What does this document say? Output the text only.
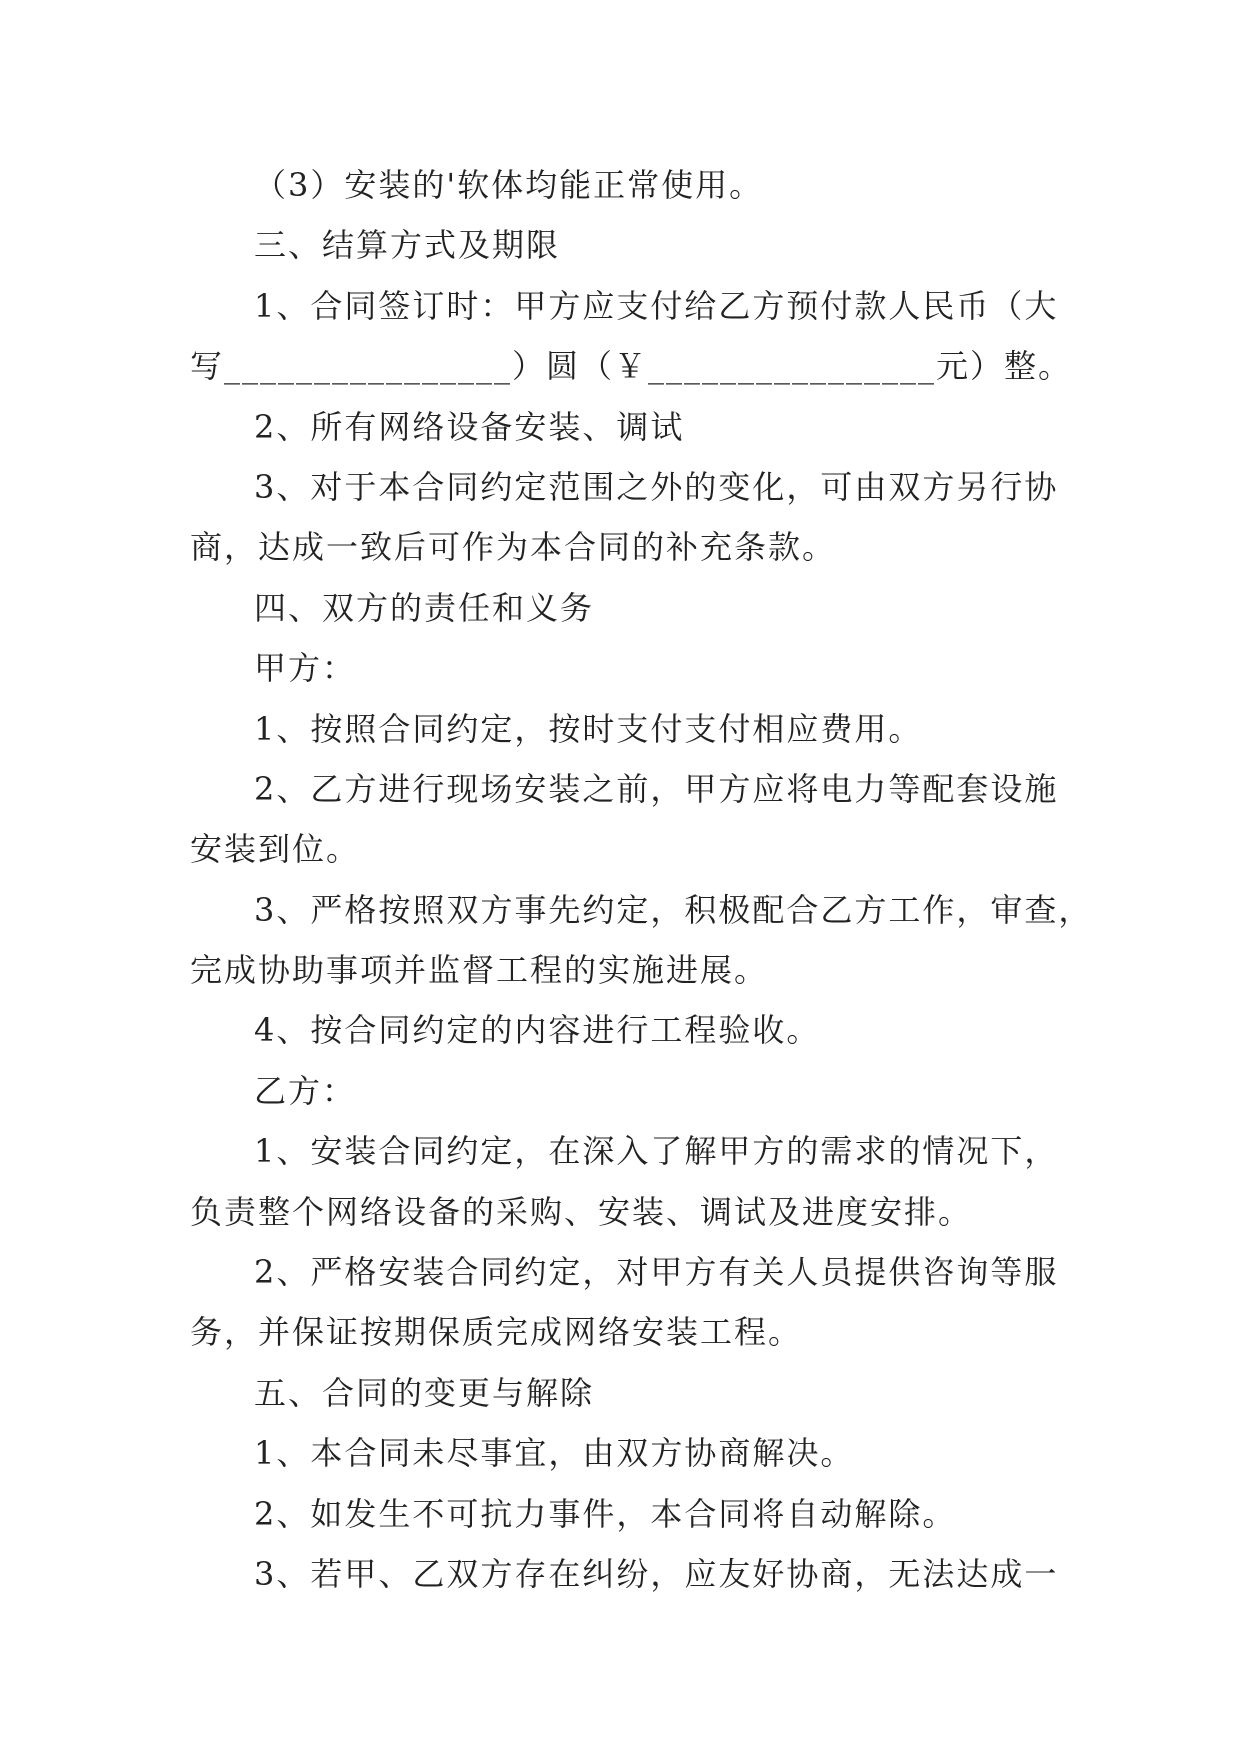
（3）安装的'软体均能正常使用。
三、结算方式及期限
1、合同签订时：甲方应支付给乙方预付款人民币（大
写________________）圆（￥________________元）整。
2、所有网络设备安装、调试
3、对于本合同约定范围之外的变化，可由双方另行协
商，达成一致后可作为本合同的补充条款。
四、双方的责任和义务
甲方：
1、按照合同约定，按时支付支付相应费用。
2、乙方进行现场安装之前，甲方应将电力等配套设施
安装到位。
3、严格按照双方事先约定，积极配合乙方工作，审查，
完成协助事项并监督工程的实施进展。
4、按合同约定的内容进行工程验收。
乙方：
1、安装合同约定，在深入了解甲方的需求的情况下，
负责整个网络设备的采购、安装、调试及进度安排。
2、严格安装合同约定，对甲方有关人员提供咨询等服
务，并保证按期保质完成网络安装工程。
五、合同的变更与解除
1、本合同未尽事宜，由双方协商解决。
2、如发生不可抗力事件，本合同将自动解除。
3、若甲、乙双方存在纠纷，应友好协商，无法达成一
